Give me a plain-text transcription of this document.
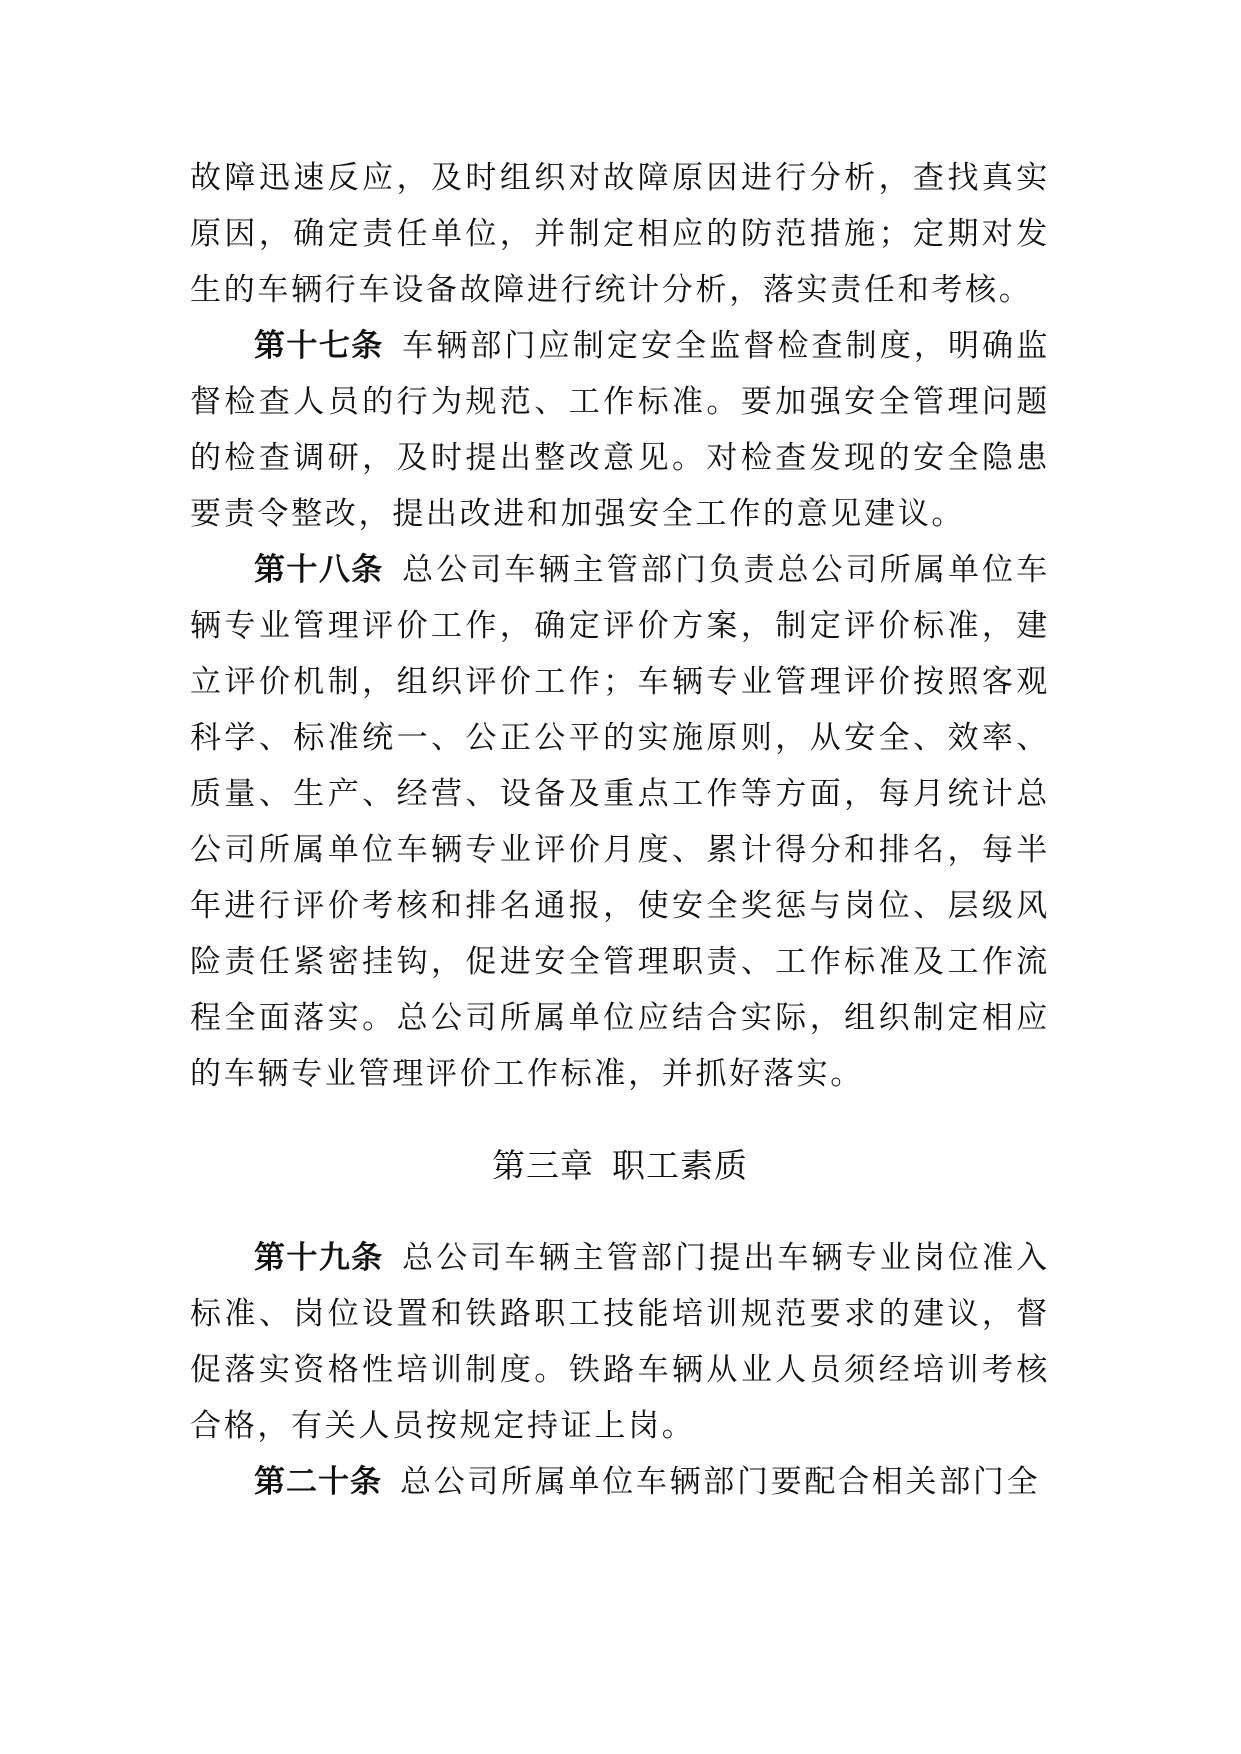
故障迅速反应，及时组织对故障原因进行分析，查找真实原因，确定责任单位，并制定相应的防范措施；定期对发生的车辆行车设备故障进行统计分析，落实责任和考核。

第十七条 车辆部门应制定安全监督检查制度，明确监督检查人员的行为规范、工作标准。要加强安全管理问题的检查调研，及时提出整改意见。对检查发现的安全隐患要责令整改，提出改进和加强安全工作的意见建议。

第十八条 总公司车辆主管部门负责总公司所属单位车辆专业管理评价工作，确定评价方案，制定评价标准，建立评价机制，组织评价工作；车辆专业管理评价按照客观科学、标准统一、公正公平的实施原则，从安全、效率、质量、生产、经营、设备及重点工作等方面，每月统计总公司所属单位车辆专业评价月度、累计得分和排名，每半年进行评价考核和排名通报，使安全奖惩与岗位、层级风险责任紧密挂钩，促进安全管理职责、工作标准及工作流程全面落实。总公司所属单位应结合实际，组织制定相应的车辆专业管理评价工作标准，并抓好落实。

第三章 职工素质

第十九条 总公司车辆主管部门提出车辆专业岗位准入标准、岗位设置和铁路职工技能培训规范要求的建议，督促落实资格性培训制度。铁路车辆从业人员须经培训考核合格，有关人员按规定持证上岗。

第二十条 总公司所属单位车辆部门要配合相关部门全
